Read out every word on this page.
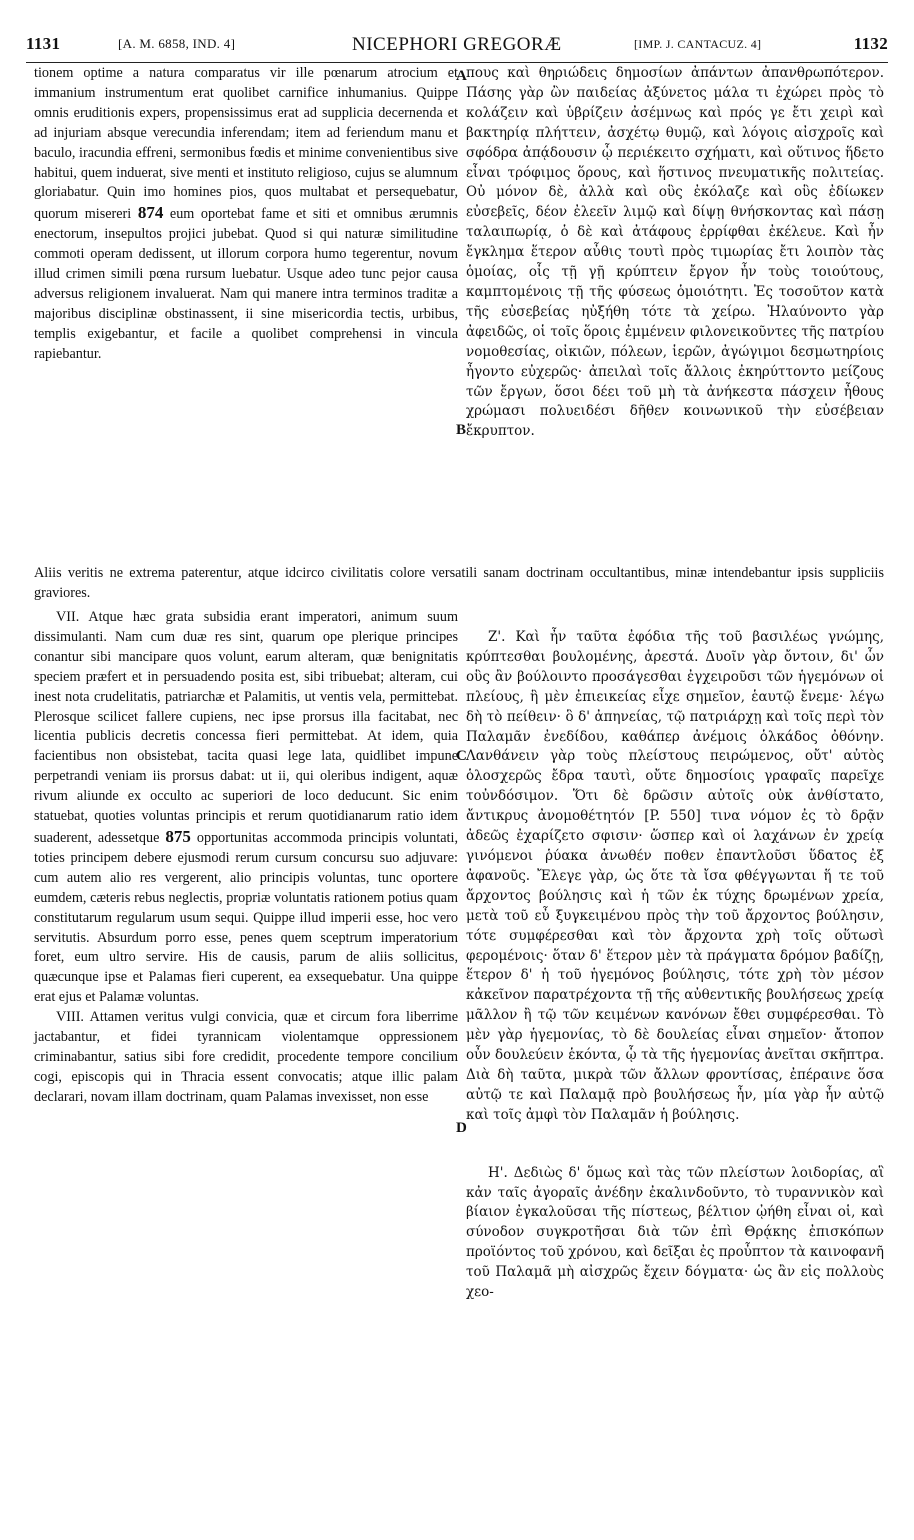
1131	[A. M. 6858, IND. 4]	NICEPHORI GREGORÆ	[IMP. J. CANTACUZ. 4]	1132

tionem optime a natura comparatus vir ille pœnarum atrocium et immanium instrumentum erat quolibet carnifice inhumanius. Quippe omnis eruditionis expers, propensissimus erat ad supplicia decernenda et ad injuriam absque verecundia inferendam; item ad feriendum manu et baculo, iracundia effreni, sermonibus fœdis et minime convenientibus sive habitui, quem induerat, sive menti et instituto religioso, cujus se alumnum gloriabatur. Quin imo homines pios, quos multabat et persequebatur, quorum misereri 874 eum oportebat fame et siti et omnibus ærumnis enectorum, insepultos projici jubebat. Quod si qui naturæ similitudine commoti operam dedissent, ut illorum corpora humo tegerentur, novum illud crimen simili pœna rursum luebatur. Usque adeo tunc pejor causa adversus religionem invaluerat. Nam qui manere intra terminos traditæ a majoribus disciplinæ obstinassent, ii sine misericordia tectis, urbibus, templis exigebantur, et facile a quolibet comprehensi in vincula rapiebantur.

πους καὶ θηριώδεις δημοσίων ἀπάντων ἀπανθρωπότερον. Πάσης γὰρ ὢν παιδείας ἀξύνετος μάλα τι ἐχώρει πρὸς τὸ κολάζειν καὶ ὑβρίζειν ἀσέμνως καὶ πρός γε ἔτι χειρὶ καὶ βακτηρίᾳ πλήττειν, ἀσχέτῳ θυμῷ, καὶ λόγοις αἰσχροῖς καὶ σφόδρα ἀπᾴδουσιν ᾧ περιέκειτο σχήματι, καὶ οὕτινος ἥδετο εἶναι τρόφιμος ὅρους, καὶ ἥστινος πνευματικῆς πολιτείας. Οὐ μόνον δὲ, ἀλλὰ καὶ οὓς ἐκόλαζε καὶ οὓς ἐδίωκεν εὐσεβεῖς, δέον ἐλεεῖν λιμῷ καὶ δίψῃ θνήσκοντας καὶ πάσῃ ταλαιπωρίᾳ, ὁ δὲ καὶ ἀτάφους ἐρρίφθαι ἐκέλευε. Καὶ ἦν ἔγκλημα ἕτερον αὖθις τουτὶ πρὸς τιμωρίας ἔτι λοιπὸν τὰς ὁμοίας, οἷς τῇ γῇ κρύπτειν ἔργον ἦν τοὺς τοιούτους, καμπτομένοις τῇ τῆς φύσεως ὁμοιότητι. Ἐς τοσοῦτον κατὰ τῆς εὐσεβείας ηὐξήθη τότε τὰ χείρω. Ἠλαύνοντο γὰρ ἀφειδῶς, οἱ τοῖς ὅροις ἐμμένειν φιλονεικοῦντες τῆς πατρίου νομοθεσίας, οἰκιῶν, πόλεων, ἱερῶν, ἀγώγιμοι δεσμωτηρίοις ἦγοντο εὐχερῶς· ἀπειλαὶ τοῖς ἄλλοις ἐκηρύττοντο μείζους τῶν ἔργων, ὅσοι δέει τοῦ μὴ τὰ ἀνήκεστα πάσχειν ἦθους χρώμασι πολυειδέσι δῆθεν κοινωνικοῦ τὴν εὐσέβειαν ἔκρυπτον.

Aliis veritis ne extrema paterentur, atque idcirco civilitatis colore versatili sanam doctrinam occultantibus, minæ intendebantur ipsis suppliciis graviores.

VII. Atque hæc grata subsidia erant imperatori, animum suum dissimulanti. Nam cum duæ res sint, quarum ope plerique principes conantur sibi mancipare quos volunt, earum alteram, quæ benignitatis speciem præfert et in persuadendo posita est, sibi tribuebat; alteram, cui inest nota crudelitatis, patriarchæ et Palamitis, ut ventis vela, permittebat. Plerosque scilicet fallere cupiens, nec ipse prorsus illa facitabat, nec licentia publicis decretis concessa fieri permittebat. At idem, quia facientibus non obsistebat, tacita quasi lege lata, quidlibet impune perpetrandi veniam iis prorsus dabat: ut ii, qui oleribus indigent, aquæ rivum aliunde ex occulto ac superiori de loco deducunt. Sic enim statuebat, quoties voluntas principis et rerum quotidianarum ratio idem suaderent, adessetque 875 opportunitas accommoda principis voluntati, toties principem debere ejusmodi rerum cursum concursu suo adjuvare: cum autem alio res vergerent, alio principis voluntas, tunc oportere eumdem, cæteris rebus neglectis, propriæ voluntatis rationem potius quam constitutarum regularum usum sequi. Quippe illud imperii esse, hoc vero servitutis. Absurdum porro esse, penes quem sceptrum imperatorium foret, eum ultro servire. His de causis, parum de aliis sollicitus, quæcunque ipse et Palamas fieri cuperent, ea exsequebatur. Una quippe erat ejus et Palamæ voluntas.

VIII. Attamen veritus vulgi convicia, quæ et circum fora liberrime jactabantur, et fidei tyrannicam violentamque oppressionem criminabantur, satius sibi fore credidit, procedente tempore concilium cogi, episcopis qui in Thracia essent convocatis; atque illic palam declarari, novam illam doctrinam, quam Palamas invexisset, non esse

Ζ'. Καὶ ἦν ταῦτα ἐφόδια τῆς τοῦ βασιλέως γνώμης, κρύπτεσθαι βουλομένης, ἀρεστά. Δυοῖν γὰρ ὄντοιν, δι' ὧν οὓς ἂν βούλοιντο προσάγεσθαι ἐγχειροῦσι τῶν ἡγεμόνων οἱ πλείους, ἣ μὲν ἐπιεικείας εἶχε σημεῖον, ἑαυτῷ ἔνεμε· λέγω δὴ τὸ πείθειν· ὃ δ' ἀπηνείας, τῷ πατριάρχῃ καὶ τοῖς περὶ τὸν Παλαμᾶν ἐνεδίδου, καθάπερ ἀνέμοις ὁλκάδος ὀθόνην. Λανθάνειν γὰρ τοὺς πλείστους πειρώμενος, οὔτ' αὐτὸς ὁλοσχερῶς ἔδρα ταυτὶ, οὔτε δημοσίοις γραφαῖς παρεῖχε τοὐνδόσιμον. Ὅτι δὲ δρῶσιν αὐτοῖς οὐκ ἀνθίστατο, ἄντικρυς ἀνομοθέτητόν [P. 550] τινα νόμον ἐς τὸ δρᾷν ἀδεῶς ἐχαρίζετο σφισιν· ὥσπερ καὶ οἱ λαχάνων ἐν χρείᾳ γινόμενοι ῥύακα ἀνωθέν ποθεν ἐπαντλοῦσι ὕδατος ἐξ ἀφανοῦς. Ἔλεγε γὰρ, ὡς ὅτε τὰ ἴσα φθέγγωνται ἥ τε τοῦ ἄρχοντος βούλησις καὶ ἡ τῶν ἐκ τύχης δρωμένων χρεία, μετὰ τοῦ εὖ ξυγκειμένου πρὸς τὴν τοῦ ἄρχοντος βούλησιν, τότε συμφέρεσθαι καὶ τὸν ἄρχοντα χρὴ τοῖς οὕτωσὶ φερομένοις· ὅταν δ' ἕτερον μὲν τὰ πράγματα δρόμον βαδίζῃ, ἕτερον δ' ἡ τοῦ ἡγεμόνος βούλησις, τότε χρὴ τὸν μέσον κἀκεῖνον παρατρέχοντα τῇ τῆς αὐθεντικῆς βουλήσεως χρείᾳ μᾶλλον ἢ τῷ τῶν κειμένων κανόνων ἔθει συμφέρεσθαι. Τὸ μὲν γὰρ ἡγεμονίας, τὸ δὲ δουλείας εἶναι σημεῖον· ἄτοπον οὖν δουλεύειν ἑκόντα, ᾧ τὰ τῆς ἡγεμονίας ἀνεῖται σκῆπτρα. Διὰ δὴ ταῦτα, μικρὰ τῶν ἄλλων φροντίσας, ἐπέραινε ὅσα αὐτῷ τε καὶ Παλαμᾷ πρὸ βουλήσεως ἦν, μία γὰρ ἦν αὐτῷ καὶ τοῖς ἀμφὶ τὸν Παλαμᾶν ἡ βούλησις.

Η'. Δεδιὼς δ' ὅμως καὶ τὰς τῶν πλείστων λοιδορίας, αἳ κἀν ταῖς ἀγοραῖς ἀνέδην ἐκαλινδοῦντο, τὸ τυραννικὸν καὶ βίαιον ἐγκαλοῦσαι τῆς πίστεως, βέλτιον ᾠήθη εἶναι οἱ, καὶ σύνοδον συγκροτῆσαι διὰ τῶν ἐπὶ Θρᾴκης ἐπισκόπων προϊόντος τοῦ χρόνου, καὶ δεῖξαι ἐς προὖπτον τὰ καινοφανῆ τοῦ Παλαμᾶ μὴ αἰσχρῶς ἔχειν δόγματα· ὡς ἂν εἰς πολλοὺς χεο-

A
B
C
D
